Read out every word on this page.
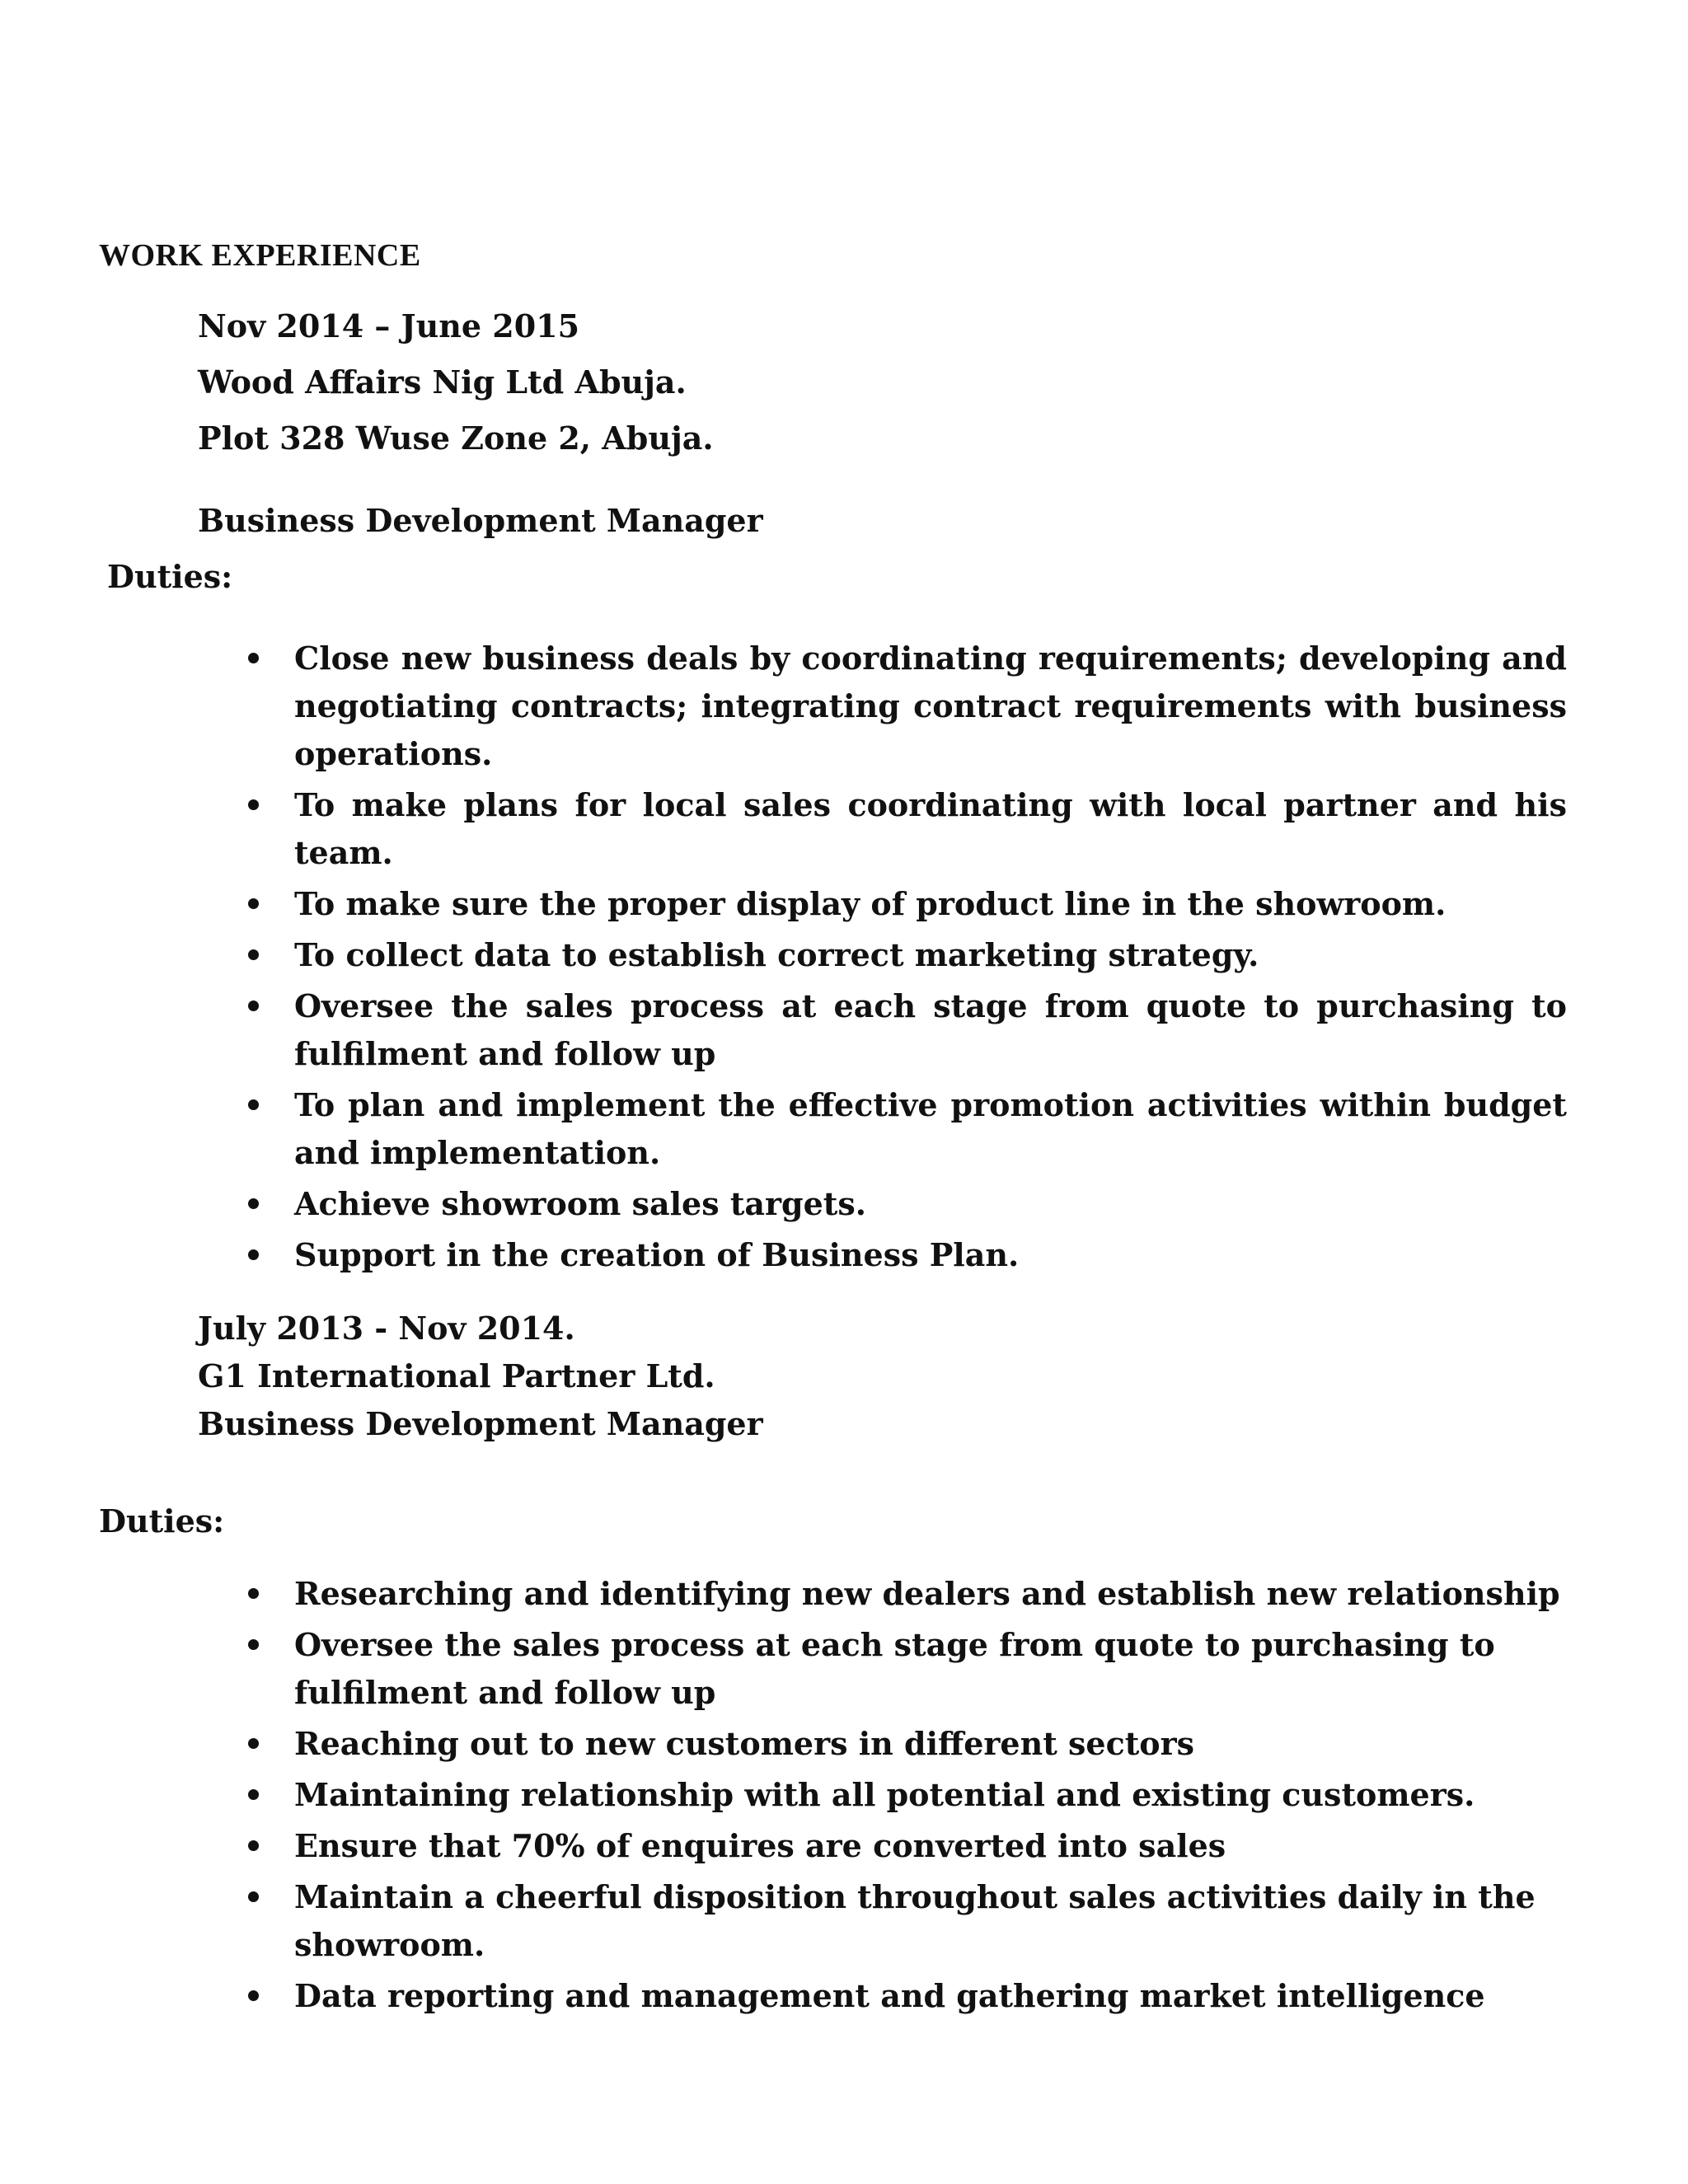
WORK EXPERIENCE
Nov 2014 – June 2015
Wood Affairs Nig Ltd Abuja.
Plot 328 Wuse Zone 2, Abuja.
Business Development Manager
Duties:
Close new business deals by coordinating requirements; developing and negotiating contracts; integrating contract requirements with business operations.
To make plans for local sales coordinating with local partner and his team.
To make sure the proper display of product line in the showroom.
To collect data to establish correct marketing strategy.
Oversee the sales process at each stage from quote to purchasing to fulfilment and follow up
To plan and implement the effective promotion activities within budget and implementation.
Achieve showroom sales targets.
Support in the creation of Business Plan.
July 2013 - Nov 2014.
G1 International Partner Ltd.
Business Development Manager
Duties:
Researching and identifying new dealers and establish new relationship
Oversee the sales process at each stage from quote to purchasing to fulfilment and follow up
Reaching out to new customers in different sectors
Maintaining relationship with all potential and existing customers.
Ensure that 70% of enquires are converted into sales
Maintain a cheerful disposition throughout sales activities daily in the showroom.
Data reporting and management and gathering market intelligence
